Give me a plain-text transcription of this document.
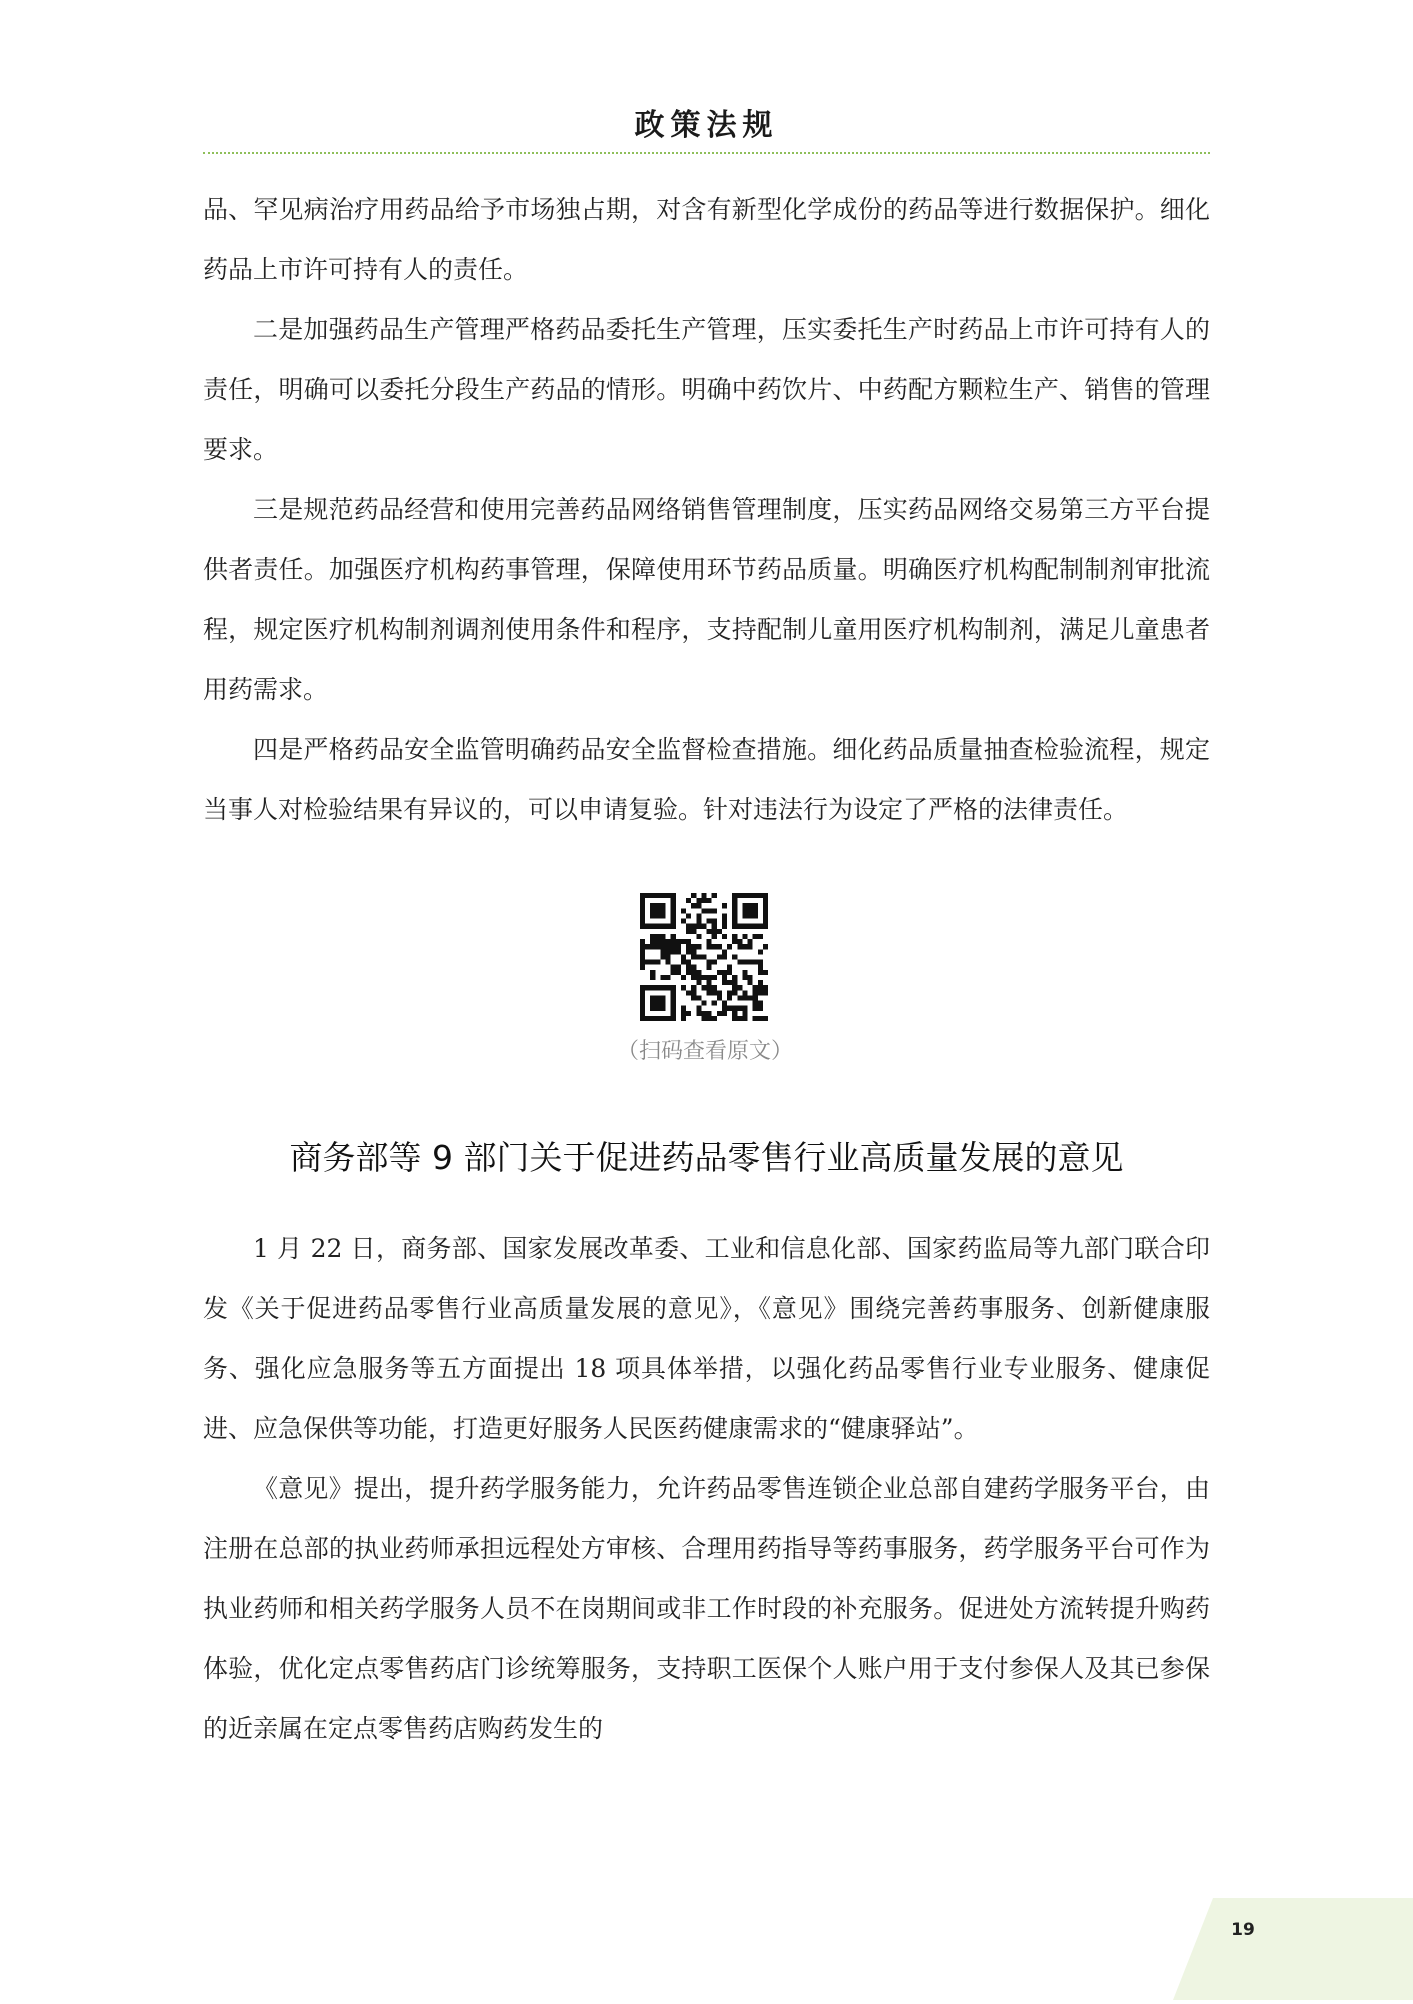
政策法规

品、罕见病治疗用药品给予市场独占期，对含有新型化学成份的药品等进行数据保护。细化药品上市许可持有人的责任。

二是加强药品生产管理严格药品委托生产管理，压实委托生产时药品上市许可持有人的责任，明确可以委托分段生产药品的情形。明确中药饮片、中药配方颗粒生产、销售的管理要求。

三是规范药品经营和使用完善药品网络销售管理制度，压实药品网络交易第三方平台提供者责任。加强医疗机构药事管理，保障使用环节药品质量。明确医疗机构配制制剂审批流程，规定医疗机构制剂调剂使用条件和程序，支持配制儿童用医疗机构制剂，满足儿童患者用药需求。

四是严格药品安全监管明确药品安全监督检查措施。细化药品质量抽查检验流程，规定当事人对检验结果有异议的，可以申请复验。针对违法行为设定了严格的法律责任。

（扫码查看原文）
商务部等 9 部门关于促进药品零售行业高质量发展的意见

1 月 22 日，商务部、国家发展改革委、工业和信息化部、国家药监局等九部门联合印发《关于促进药品零售行业高质量发展的意见》，《意见》围绕完善药事服务、创新健康服务、强化应急服务等五方面提出 18 项具体举措，以强化药品零售行业专业服务、健康促进、应急保供等功能，打造更好服务人民医药健康需求的“健康驿站”。

《意见》提出，提升药学服务能力，允许药品零售连锁企业总部自建药学服务平台，由注册在总部的执业药师承担远程处方审核、合理用药指导等药事服务，药学服务平台可作为执业药师和相关药学服务人员不在岗期间或非工作时段的补充服务。促进处方流转提升购药体验，优化定点零售药店门诊统筹服务，支持职工医保个人账户用于支付参保人及其已参保的近亲属在定点零售药店购药发生的

19
